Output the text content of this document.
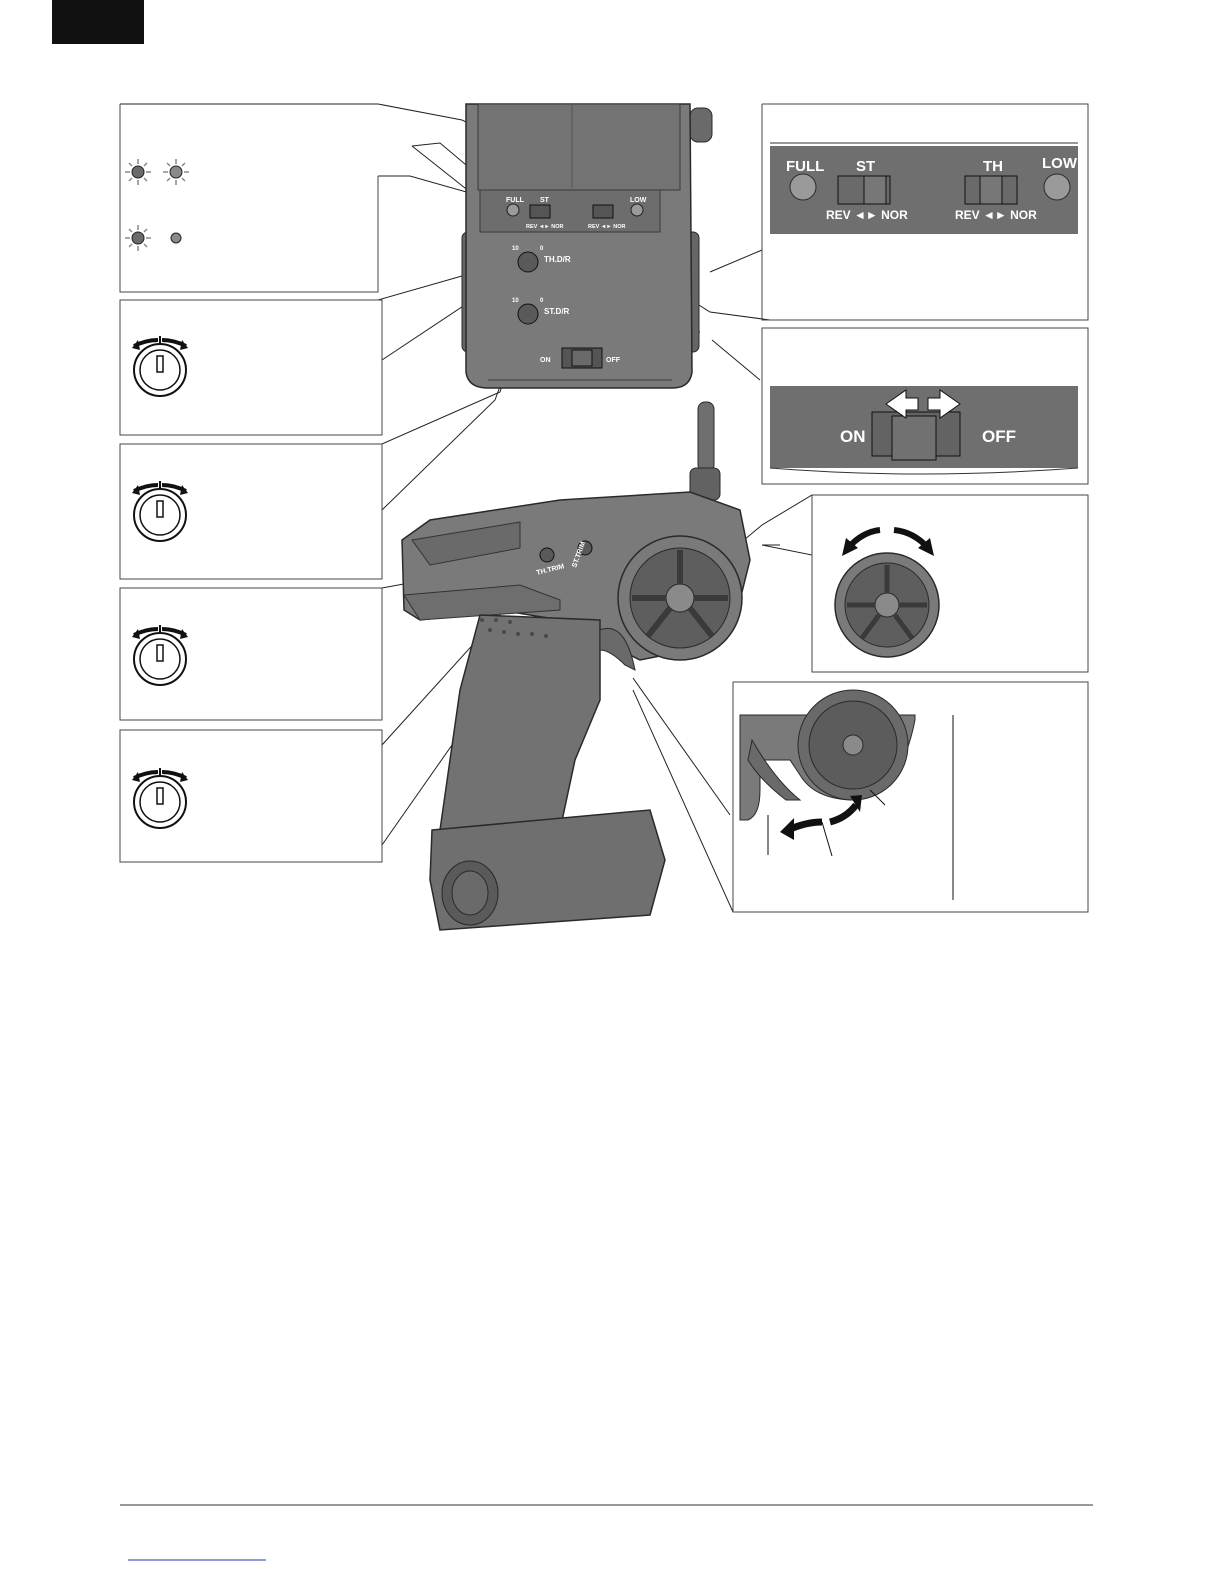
FULL ST	LOW
REV ◄► NOR	REV ◄► NOR
10	0
TH.D/R
10	0
ST.D/R
ON	OFF
TH.TRIM
ST.TRIM
FULL ST	TH	LOW
REV ◄► NOR	REV ◄► NOR
ON	OFF
